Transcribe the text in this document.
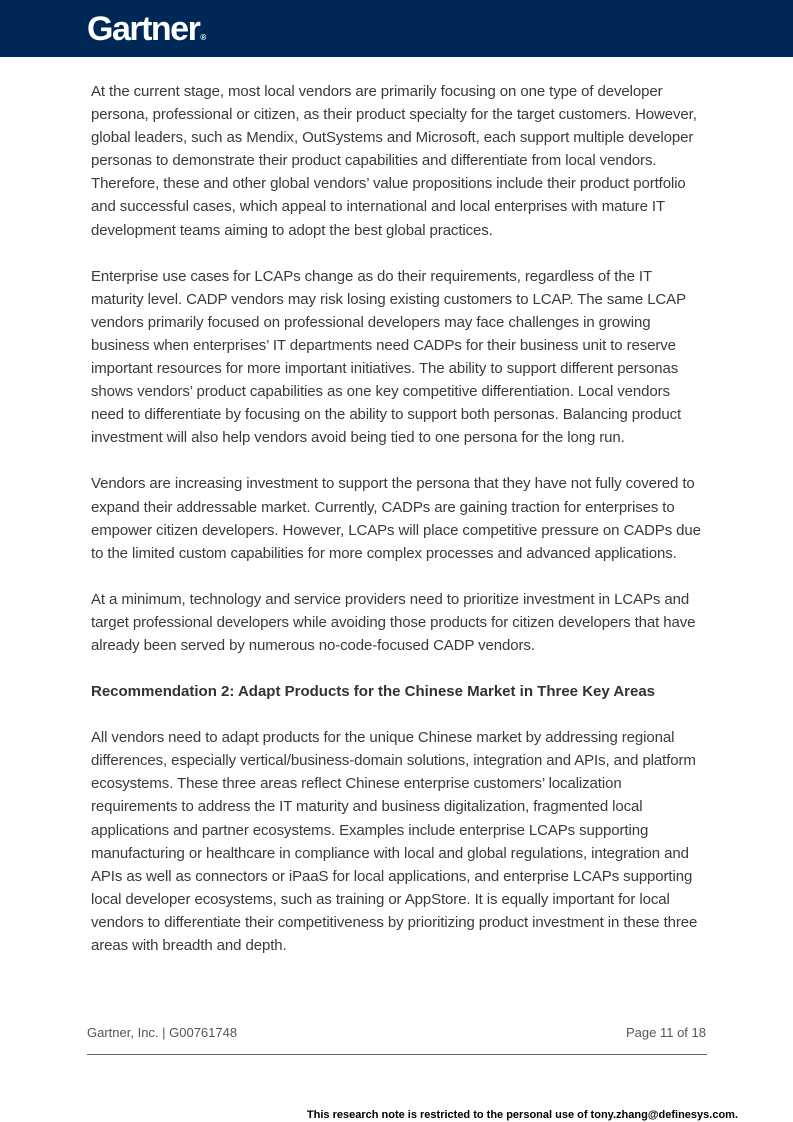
Gartner®

At the current stage, most local vendors are primarily focusing on one type of developer persona, professional or citizen, as their product specialty for the target customers. However, global leaders, such as Mendix, OutSystems and Microsoft, each support multiple developer personas to demonstrate their product capabilities and differentiate from local vendors. Therefore, these and other global vendors’ value propositions include their product portfolio and successful cases, which appeal to international and local enterprises with mature IT development teams aiming to adopt the best global practices.

Enterprise use cases for LCAPs change as do their requirements, regardless of the IT maturity level. CADP vendors may risk losing existing customers to LCAP. The same LCAP vendors primarily focused on professional developers may face challenges in growing business when enterprises’ IT departments need CADPs for their business unit to reserve important resources for more important initiatives. The ability to support different personas shows vendors’ product capabilities as one key competitive differentiation. Local vendors need to differentiate by focusing on the ability to support both personas. Balancing product investment will also help vendors avoid being tied to one persona for the long run.

Vendors are increasing investment to support the persona that they have not fully covered to expand their addressable market. Currently, CADPs are gaining traction for enterprises to empower citizen developers. However, LCAPs will place competitive pressure on CADPs due to the limited custom capabilities for more complex processes and advanced applications.

At a minimum, technology and service providers need to prioritize investment in LCAPs and target professional developers while avoiding those products for citizen developers that have already been served by numerous no-code-focused CADP vendors.

Recommendation 2: Adapt Products for the Chinese Market in Three Key Areas

All vendors need to adapt products for the unique Chinese market by addressing regional differences, especially vertical/business-domain solutions, integration and APIs, and platform ecosystems. These three areas reflect Chinese enterprise customers’ localization requirements to address the IT maturity and business digitalization, fragmented local applications and partner ecosystems. Examples include enterprise LCAPs supporting manufacturing or healthcare in compliance with local and global regulations, integration and APIs as well as connectors or iPaaS for local applications, and enterprise LCAPs supporting local developer ecosystems, such as training or AppStore. It is equally important for local vendors to differentiate their competitiveness by prioritizing product investment in these three areas with breadth and depth.

Gartner, Inc. | G00761748	Page 11 of 18
This research note is restricted to the personal use of tony.zhang@definesys.com.
